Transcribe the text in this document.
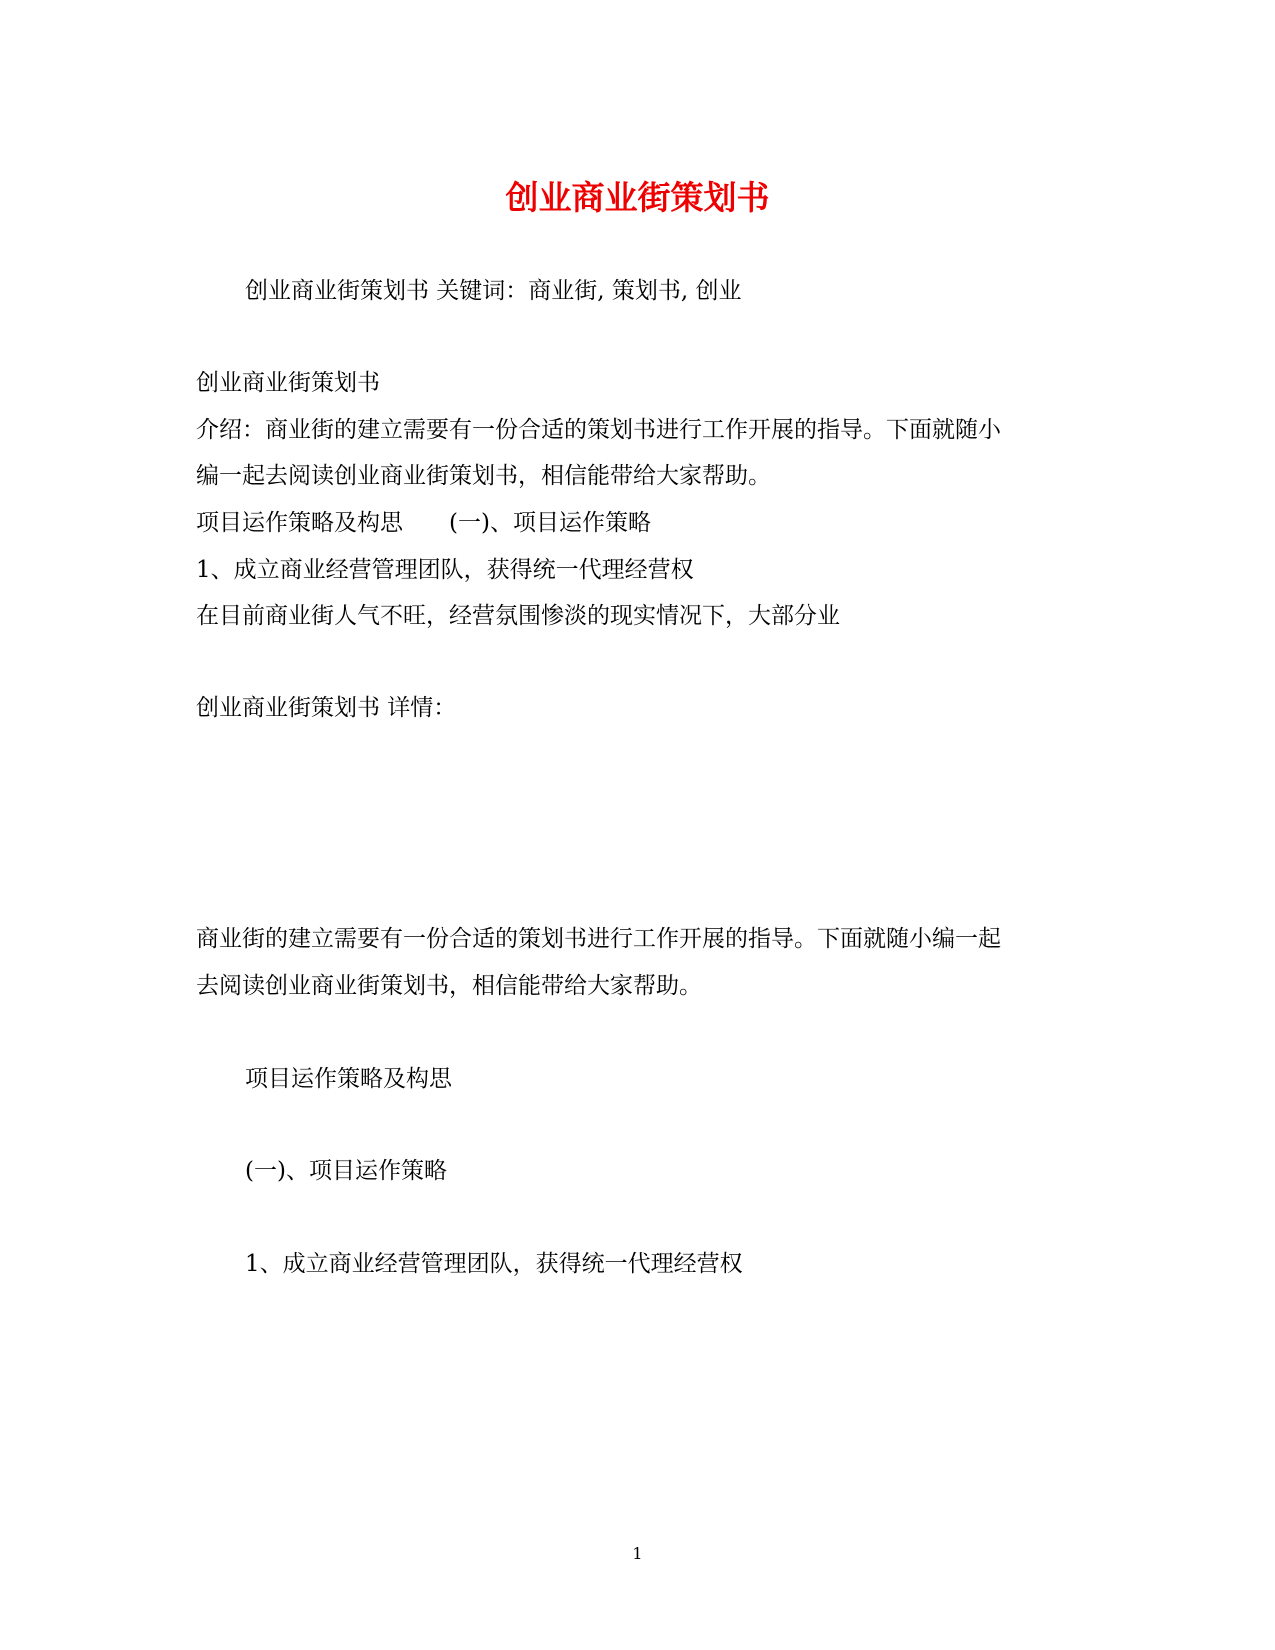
创业商业街策划书
创业商业街策划书 关键词：商业街, 策划书, 创业
创业商业街策划书
介绍：商业街的建立需要有一份合适的策划书进行工作开展的指导。下面就随小
编一起去阅读创业商业街策划书，相信能带给大家帮助。
项目运作策略及构思 (一)、项目运作策略
1、成立商业经营管理团队，获得统一代理经营权
在目前商业街人气不旺，经营氛围惨淡的现实情况下，大部分业
创业商业街策划书 详情：
商业街的建立需要有一份合适的策划书进行工作开展的指导。下面就随小编一起
去阅读创业商业街策划书，相信能带给大家帮助。
项目运作策略及构思
(一)、项目运作策略
1、成立商业经营管理团队，获得统一代理经营权
1
